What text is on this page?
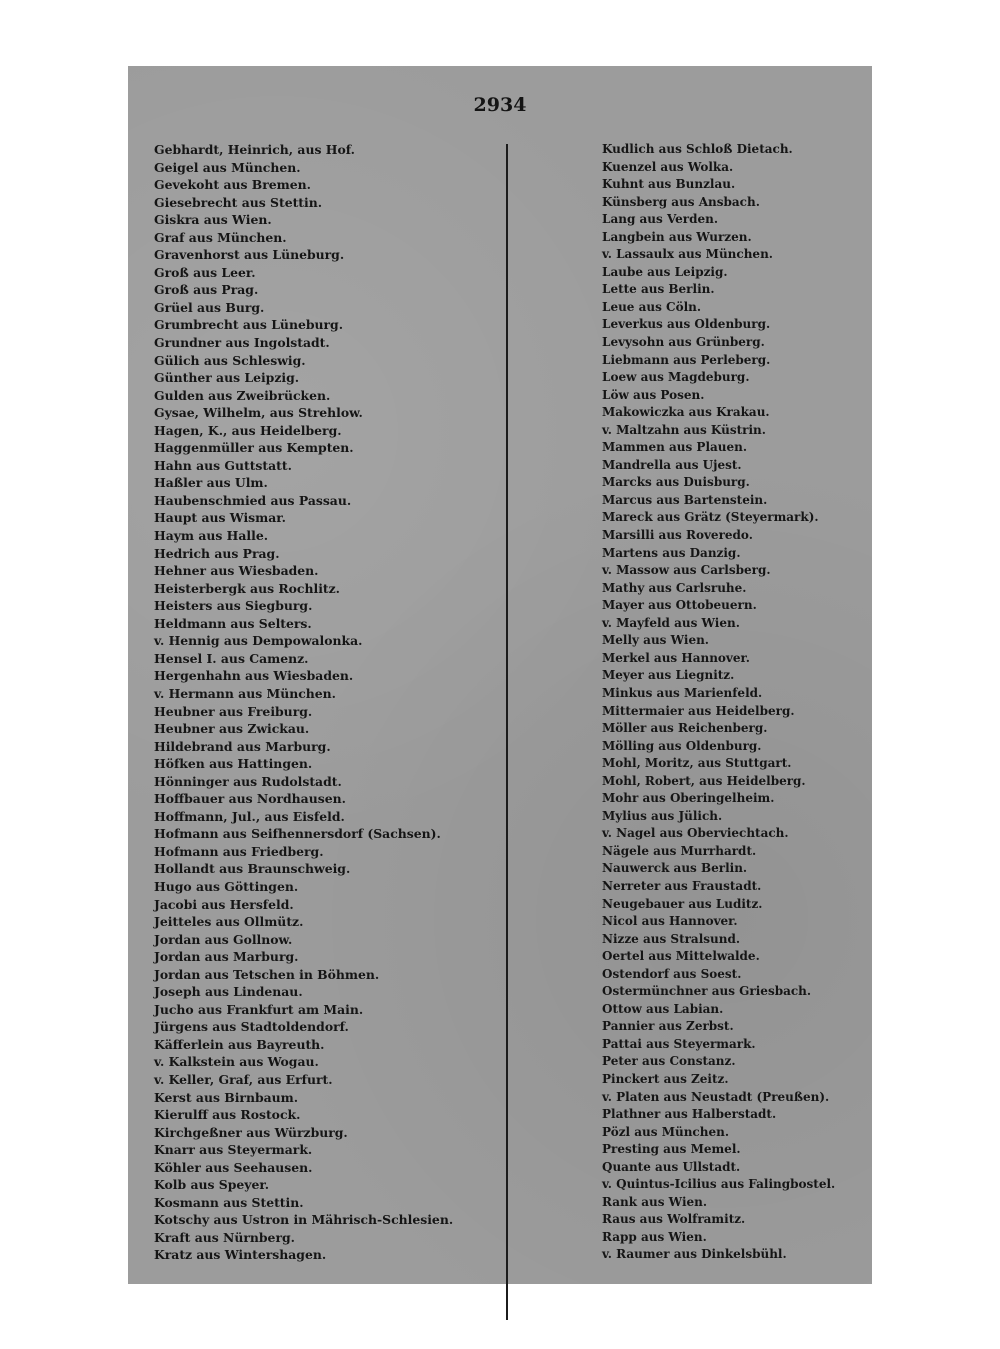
2934
Gebhardt, Heinrich, aus Hof.
Geigel aus München.
Gevekoht aus Bremen.
Giesebrecht aus Stettin.
Giskra aus Wien.
Graf aus München.
Gravenhorst aus Lüneburg.
Groß aus Leer.
Groß aus Prag.
Grüel aus Burg.
Grumbrecht aus Lüneburg.
Grundner aus Ingolstadt.
Gülich aus Schleswig.
Günther aus Leipzig.
Gulden aus Zweibrücken.
Gysae, Wilhelm, aus Strehlow.
Hagen, K., aus Heidelberg.
Haggenmüller aus Kempten.
Hahn aus Guttstatt.
Haßler aus Ulm.
Haubenschmied aus Passau.
Haupt aus Wismar.
Haym aus Halle.
Hedrich aus Prag.
Hehner aus Wiesbaden.
Heisterbergk aus Rochlitz.
Heisters aus Siegburg.
Heldmann aus Selters.
v. Hennig aus Dempowalonka.
Hensel I. aus Camenz.
Hergenhahn aus Wiesbaden.
v. Hermann aus München.
Heubner aus Freiburg.
Heubner aus Zwickau.
Hildebrand aus Marburg.
Höfken aus Hattingen.
Hönninger aus Rudolstadt.
Hoffbauer aus Nordhausen.
Hoffmann, Jul., aus Eisfeld.
Hofmann aus Seifhennersdorf (Sachsen).
Hofmann aus Friedberg.
Hollandt aus Braunschweig.
Hugo aus Göttingen.
Jacobi aus Hersfeld.
Jeitteles aus Ollmütz.
Jordan aus Gollnow.
Jordan aus Marburg.
Jordan aus Tetschen in Böhmen.
Joseph aus Lindenau.
Jucho aus Frankfurt am Main.
Jürgens aus Stadtoldendorf.
Käfferlein aus Bayreuth.
v. Kalkstein aus Wogau.
v. Keller, Graf, aus Erfurt.
Kerst aus Birnbaum.
Kierulff aus Rostock.
Kirchgeßner aus Würzburg.
Knarr aus Steyermark.
Köhler aus Seehausen.
Kolb aus Speyer.
Kosmann aus Stettin.
Kotschy aus Ustron in Mährisch-Schlesien.
Kraft aus Nürnberg.
Kratz aus Wintershagen.
Kudlich aus Schloß Dietach.
Kuenzel aus Wolka.
Kuhnt aus Bunzlau.
Künsberg aus Ansbach.
Lang aus Verden.
Langbein aus Wurzen.
v. Lassaulx aus München.
Laube aus Leipzig.
Lette aus Berlin.
Leue aus Cöln.
Leverkus aus Oldenburg.
Levysohn aus Grünberg.
Liebmann aus Perleberg.
Loew aus Magdeburg.
Löw aus Posen.
Makowiczka aus Krakau.
v. Maltzahn aus Küstrin.
Mammen aus Plauen.
Mandrella aus Ujest.
Marcks aus Duisburg.
Marcus aus Bartenstein.
Mareck aus Grätz (Steyermark).
Marsilli aus Roveredo.
Martens aus Danzig.
v. Massow aus Carlsberg.
Mathy aus Carlsruhe.
Mayer aus Ottobeuern.
v. Mayfeld aus Wien.
Melly aus Wien.
Merkel aus Hannover.
Meyer aus Liegnitz.
Minkus aus Marienfeld.
Mittermaier aus Heidelberg.
Möller aus Reichenberg.
Mölling aus Oldenburg.
Mohl, Moritz, aus Stuttgart.
Mohl, Robert, aus Heidelberg.
Mohr aus Oberingelheim.
Mylius aus Jülich.
v. Nagel aus Oberviechtach.
Nägele aus Murrhardt.
Nauwerck aus Berlin.
Nerreter aus Fraustadt.
Neugebauer aus Luditz.
Nicol aus Hannover.
Nizze aus Stralsund.
Oertel aus Mittelwalde.
Ostendorf aus Soest.
Ostermünchner aus Griesbach.
Ottow aus Labian.
Pannier aus Zerbst.
Pattai aus Steyermark.
Peter aus Constanz.
Pinckert aus Zeitz.
v. Platen aus Neustadt (Preußen).
Plathner aus Halberstadt.
Pözl aus München.
Presting aus Memel.
Quante aus Ullstadt.
v. Quintus-Icilius aus Falingbostel.
Rank aus Wien.
Raus aus Wolframitz.
Rapp aus Wien.
v. Raumer aus Dinkelsbühl.
